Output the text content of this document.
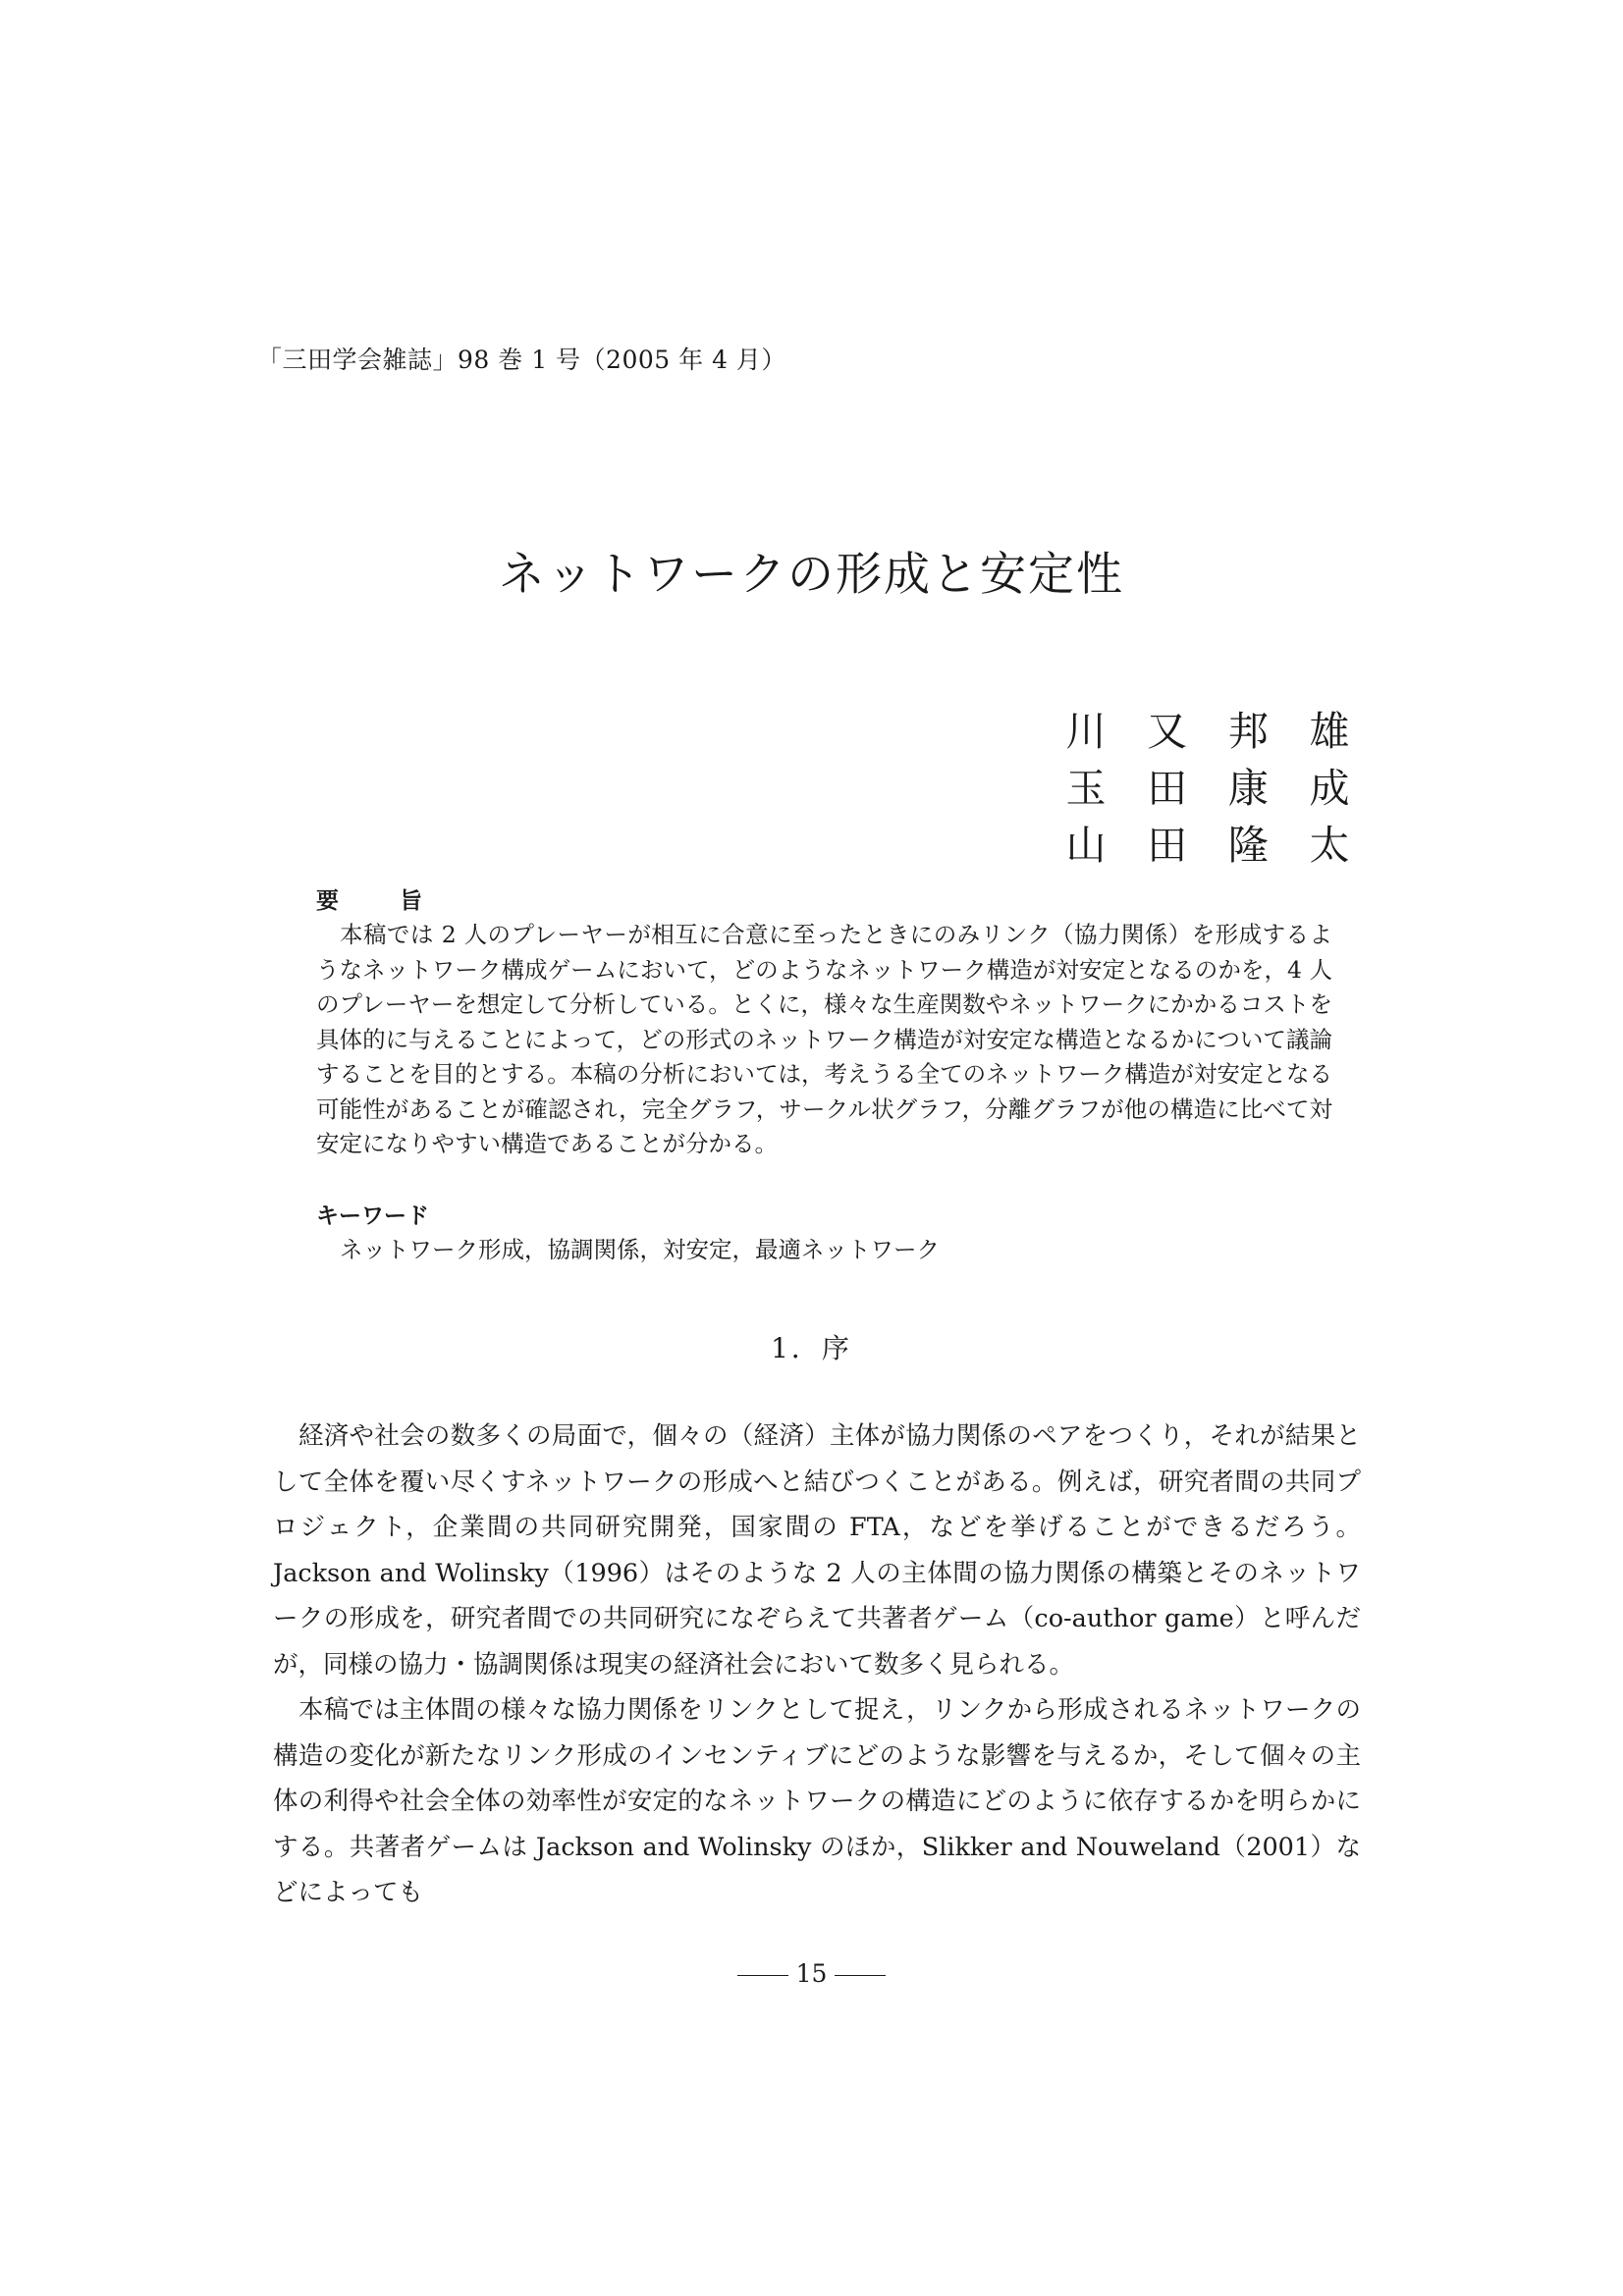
「三田学会雑誌」98 巻 1 号（2005 年 4 月）
ネットワークの形成と安定性
川 又 邦 雄
玉 田 康 成
山 田 隆 太
要	旨

本稿では 2 人のプレーヤーが相互に合意に至ったときにのみリンク（協力関係）を形成するようなネットワーク構成ゲームにおいて，どのようなネットワーク構造が対安定となるのかを，4 人のプレーヤーを想定して分析している。とくに，様々な生産関数やネットワークにかかるコストを具体的に与えることによって，どの形式のネットワーク構造が対安定な構造となるかについて議論することを目的とする。本稿の分析においては，考えうる全てのネットワーク構造が対安定となる可能性があることが確認され，完全グラフ，サークル状グラフ，分離グラフが他の構造に比べて対安定になりやすい構造であることが分かる。

キーワード
ネットワーク形成，協調関係，対安定，最適ネットワーク
1．序

経済や社会の数多くの局面で，個々の（経済）主体が協力関係のペアをつくり，それが結果として全体を覆い尽くすネットワークの形成へと結びつくことがある。例えば，研究者間の共同プロジェクト，企業間の共同研究開発，国家間の FTA，などを挙げることができるだろう。Jackson and Wolinsky（1996）はそのような 2 人の主体間の協力関係の構築とそのネットワークの形成を，研究者間での共同研究になぞらえて共著者ゲーム（co-author game）と呼んだが，同様の協力・協調関係は現実の経済社会において数多く見られる。

本稿では主体間の様々な協力関係をリンクとして捉え，リンクから形成されるネットワークの構造の変化が新たなリンク形成のインセンティブにどのような影響を与えるか，そして個々の主体の利得や社会全体の効率性が安定的なネットワークの構造にどのように依存するかを明らかにする。共著者ゲームは Jackson and Wolinsky のほか，Slikker and Nouweland（2001）などによっても

15
